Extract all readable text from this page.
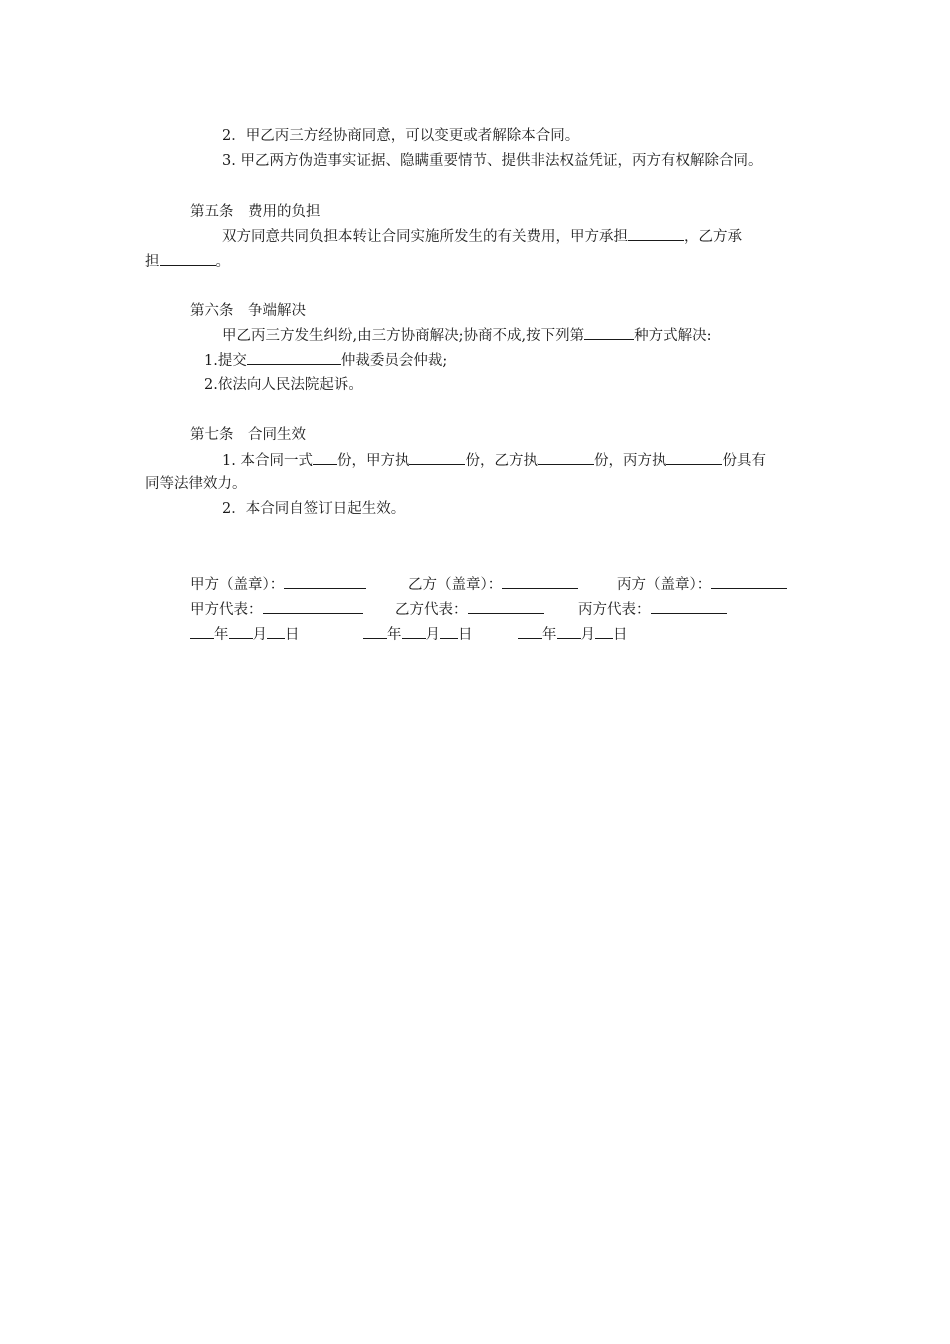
2．甲乙丙三方经协商同意，可以变更或者解除本合同。
3. 甲乙两方伪造事实证据、隐瞒重要情节、提供非法权益凭证，丙方有权解除合同。
第五条　费用的负担
双方同意共同负担本转让合同实施所发生的有关费用，甲方承担	，乙方承
担	。
第六条　争端解决
甲乙丙三方发生纠纷,由三方协商解决;协商不成,按下列第	种方式解决:
1.提交	仲裁委员会仲裁;
2.依法向人民法院起诉。
第七条　合同生效
1. 本合同一式 份，甲方执	份，乙方执	份，丙方执	份具有
同等法律效力。
2．本合同自签订日起生效。
甲方（盖章）：	乙方（盖章）：	丙方（盖章）：
甲方代表：	乙方代表：	丙方代表：
年 月 日	年 月 日	年 月 日
